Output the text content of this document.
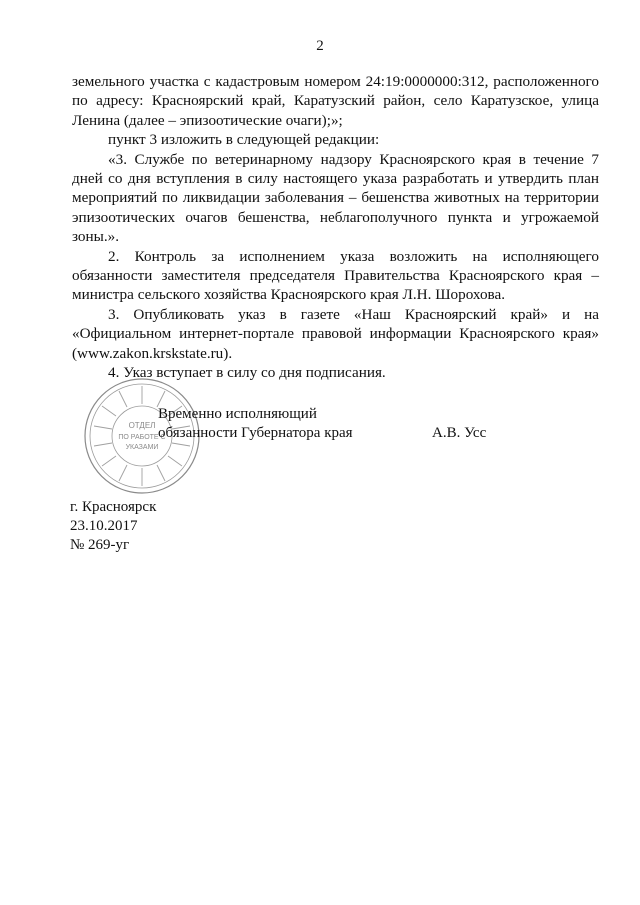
2

земельного участка с кадастровым номером 24:19:0000000:312, расположенного по адресу: Красноярский край, Каратузский район, село Каратузское, улица Ленина (далее – эпизоотические очаги);»;

пункт 3 изложить в следующей редакции:

«3. Службе по ветеринарному надзору Красноярского края в течение 7 дней со дня вступления в силу настоящего указа разработать и утвердить план мероприятий по ликвидации заболевания – бешенства животных на территории эпизоотических очагов бешенства, неблагополучного пункта и угрожаемой зоны.».

2. Контроль за исполнением указа возложить на исполняющего обязанности заместителя председателя Правительства Красноярского края – министра сельского хозяйства Красноярского края Л.Н. Шорохова.

3. Опубликовать указ в газете «Наш Красноярский край» и на «Официальном интернет-портале правовой информации Красноярского края» (www.zakon.krskstate.ru).

4. Указ вступает в силу со дня подписания.

ОТДЕЛ
ПО РАБОТЕ С
УКАЗАМИ
Временно исполняющий
обязанности Губернатора края	А.В. Усс
г. Красноярск
23.10.2017
№ 269-уг
